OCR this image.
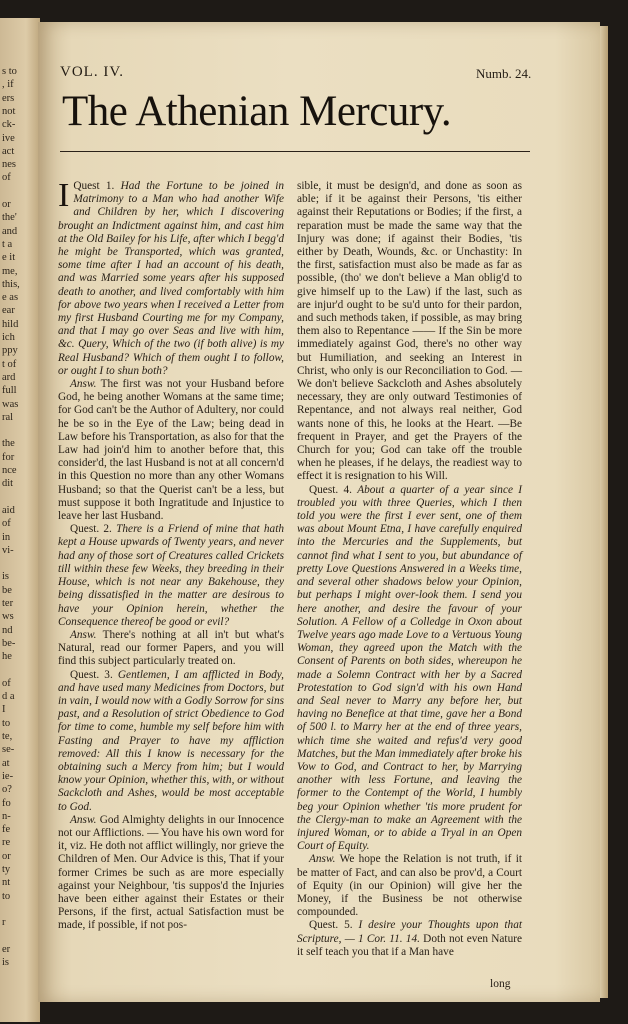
s to
, if
ers
not
ck-
ive
act
nes
of
or
the'
and
t a
e it
me,
this,
e as
ear
hild
ich
ppy
t of
ard
full
was
ral
the
for
nce
dit
aid
of
in
vi-
is
be
ter
ws
nd
be-
he
of
d a
I
to
te,
se-
at
ie-
o?
fo
n-
fe
re
or
ty
nt
to
r
er
is
VOL. IV.	Numb. 24.
The Athenian Mercury.

Quest 1.
I	Had the Fortune to be joined in Matrimony to a Man who had another Wife and Children by her, which I discovering brought an Indictment against him, and cast him at the Old Bailey for his Life, after which I begg'd he might be Transported, which was granted, some time after I had an account of his death, and was Married some years after his supposed death to another, and lived comfortably with him for above two years when I received a Letter from my first Husband Courting me for my Company, and that I may go over Seas and live with him, &c. Query, Which of the two (if both alive) is my Real Husband? Which of them ought I to follow, or ought I to shun both?

Answ. The first was not your Husband before God, he being another Womans at the same time; for God can't be the Author of Adultery, nor could he be so in the Eye of the Law; being dead in Law before his Transportation, as also for that the Law had join'd him to another before that, this consider'd, the last Husband is not at all concern'd in this Question no more than any other Womans Husband; so that the Querist can't be a less, but must suppose it both Ingratitude and Injustice to leave her last Husband.

Quest. 2. There is a Friend of mine that hath kept a House upwards of Twenty years, and never had any of those sort of Creatures called Crickets till within these few Weeks, they breeding in their House, which is not near any Bakehouse, they being dissatisfied in the matter are desirous to have your Opinion herein, whether the Consequence thereof be good or evil?

Answ. There's nothing at all in't but what's Natural, read our former Papers, and you will find this subject particularly treated on.

Quest. 3. Gentlemen, I am afflicted in Body, and have used many Medicines from Doctors, but in vain, I would now with a Godly Sorrow for sins past, and a Resolution of strict Obedience to God for time to come, humble my self before him with Fasting and Prayer to have my affliction removed: All this I know is necessary for the obtaining such a Mercy from him; but I would know your Opinion, whether this, with, or without Sackcloth and Ashes, would be most acceptable to God.

Answ. God Almighty delights in our Innocence not our Afflictions. — You have his own word for it, viz. He doth not afflict willingly, nor grieve the Children of Men. Our Advice is this, That if your former Crimes be such as are more especially against your Neighbour, 'tis suppos'd the Injuries have been either against their Estates or their Persons, if the first, actual Satisfaction must be made, if possible, if not pos-

sible, it must be design'd, and done as soon as able; if it be against their Persons, 'tis either against their Reputations or Bodies; if the first, a reparation must be made the same way that the Injury was done; if against their Bodies, 'tis either by Death, Wounds, &c. or Unchastity: In the first, satisfaction must also be made as far as possible, (tho' we don't believe a Man oblig'd to give himself up to the Law) if the last, such as are injur'd ought to be su'd unto for their pardon, and such methods taken, if possible, as may bring them also to Repentance —— If the Sin be more immediately against God, there's no other way but Humiliation, and seeking an Interest in Christ, who only is our Reconciliation to God. —We don't believe Sackcloth and Ashes absolutely necessary, they are only outward Testimonies of Repentance, and not always real neither, God wants none of this, he looks at the Heart. —Be frequent in Prayer, and get the Prayers of the Church for you; God can take off the trouble when he pleases, if he delays, the readiest way to effect it is resignation to his Will.

Quest. 4. About a quarter of a year since I troubled you with three Queries, which I then told you were the first I ever sent, one of them was about Mount Etna, I have carefully enquired into the Mercuries and the Supplements, but cannot find what I sent to you, but abundance of pretty Love Questions Answered in a Weeks time, and several other shadows below your Opinion, but perhaps I might over-look them. I send you here another, and desire the favour of your Solution. A Fellow of a Colledge in Oxon about Twelve years ago made Love to a Vertuous Young Woman, they agreed upon the Match with the Consent of Parents on both sides, whereupon he made a Solemn Contract with her by a Sacred Protestation to God sign'd with his own Hand and Seal never to Marry any before her, but having no Benefice at that time, gave her a Bond of 500 l. to Marry her at the end of three years, which time she waited and refus'd very good Matches, but the Man immediately after broke his Vow to God, and Contract to her, by Marrying another with less Fortune, and leaving the former to the Contempt of the World, I humbly beg your Opinion whether 'tis more prudent for the Clergy-man to make an Agreement with the injured Woman, or to abide a Tryal in an Open Court of Equity.

Answ. We hope the Relation is not truth, if it be matter of Fact, and can also be prov'd, a Court of Equity (in our Opinion) will give her the Money, if the Business be not otherwise compounded.

Quest. 5. I desire your Thoughts upon that Scripture, — 1 Cor. 11. 14. Doth not even Nature it self teach you that if a Man have

long
